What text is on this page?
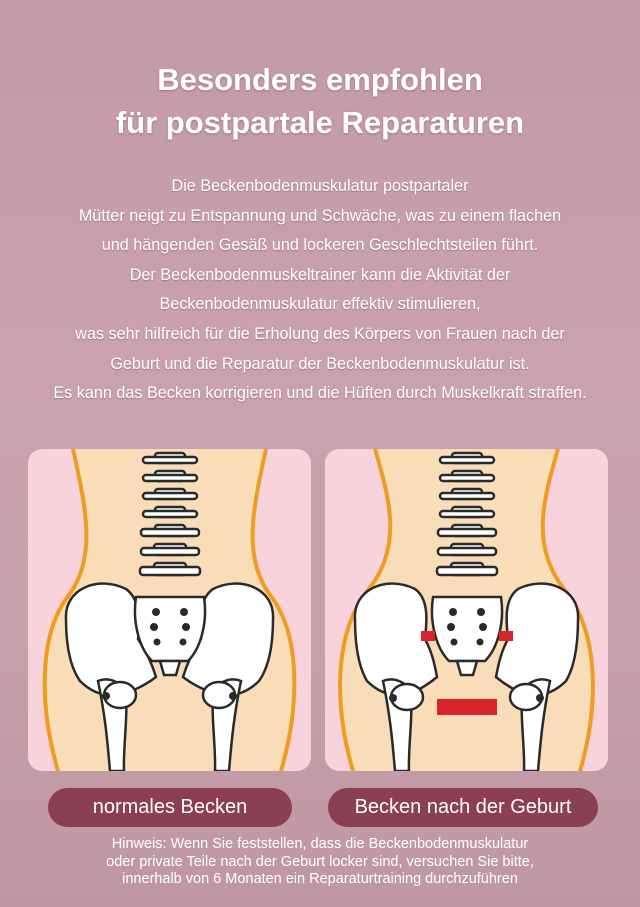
Besonders empfohlen
für postpartale Reparaturen
Die Beckenbodenmuskulatur postpartaler
Mütter neigt zu Entspannung und Schwäche, was zu einem flachen
und hängenden Gesäß und lockeren Geschlechtsteilen führt.
Der Beckenbodenmuskeltrainer kann die Aktivität der
Beckenbodenmuskulatur effektiv stimulieren,
was sehr hilfreich für die Erholung des Körpers von Frauen nach der
Geburt und die Reparatur der Beckenbodenmuskulatur ist.
Es kann das Becken korrigieren und die Hüften durch Muskelkraft straffen.
normales Becken	Becken nach der Geburt
Hinweis: Wenn Sie feststellen, dass die Beckenbodenmuskulatur
oder private Teile nach der Geburt locker sind, versuchen Sie bitte,
innerhalb von 6 Monaten ein Reparaturtraining durchzuführen
